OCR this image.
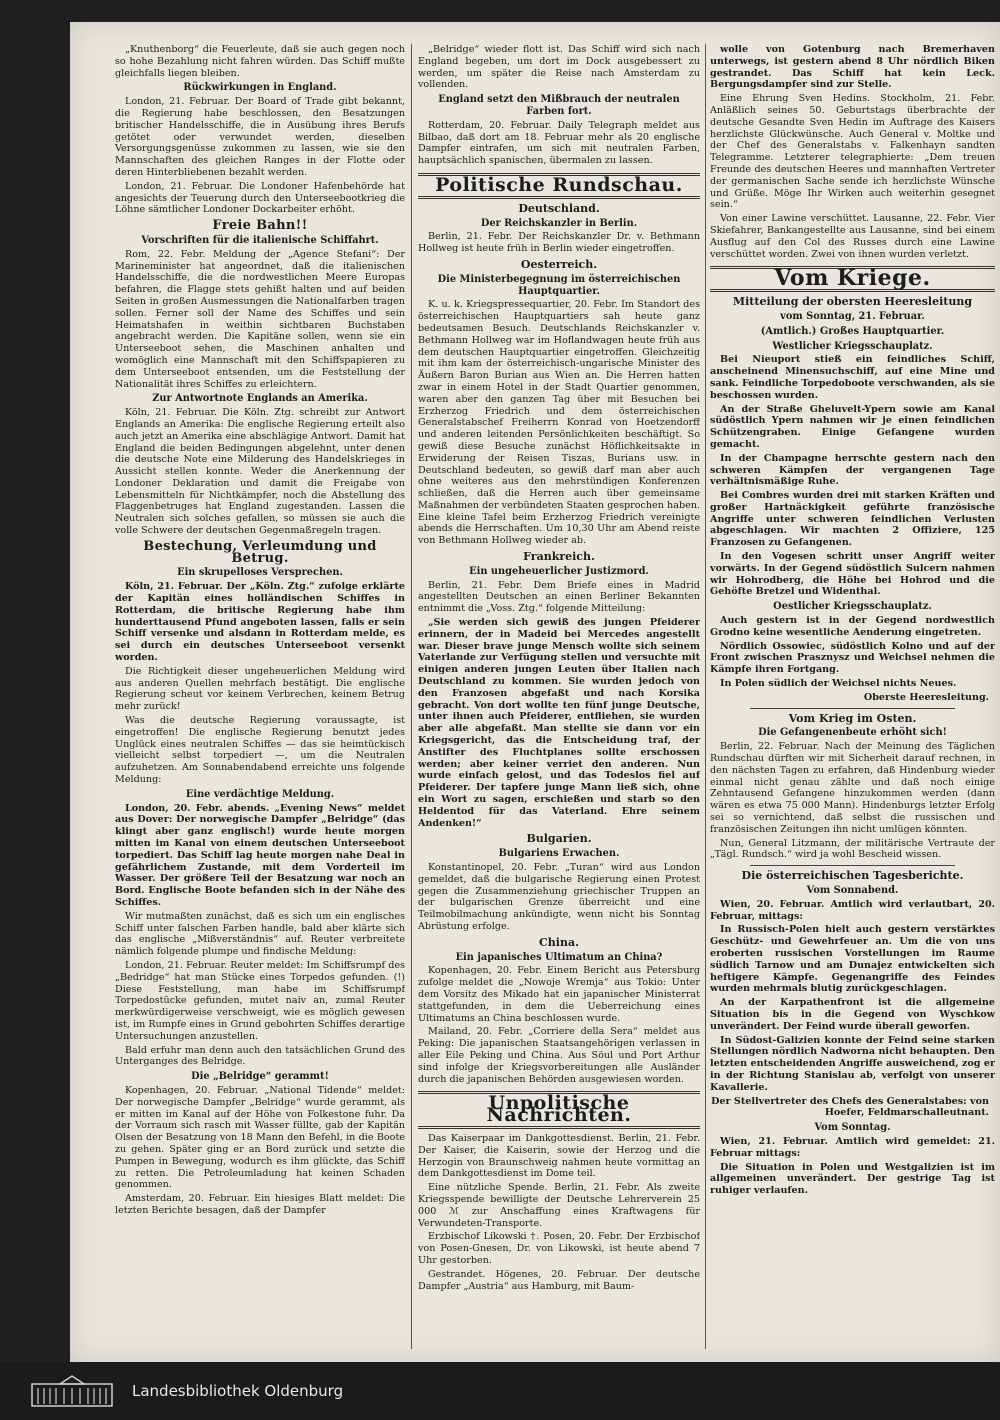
„Knuthenborg“ die Feuerleute, daß sie auch gegen noch so hohe Bezahlung nicht fahren würden. Das Schiff mußte gleichfalls liegen bleiben.

Rückwirkungen in England.

London, 21. Februar. Der Board of Trade gibt bekannt, die Regierung habe beschlossen, den Besatzungen britischer Handelsschiffe, die in Ausübung ihres Berufs getötet oder verwundet werden, dieselben Versorgungsgenüsse zukommen zu lassen, wie sie den Mannschaften des gleichen Ranges in der Flotte oder deren Hinterbliebenen bezahlt werden.

London, 21. Februar. Die Londoner Hafenbehörde hat angesichts der Teuerung durch den Unterseebootkrieg die Löhne sämtlicher Londoner Dockarbeiter erhöht.

Freie Bahn!!
Vorschriften für die italienische Schiffahrt.

Rom, 22. Febr. Meldung der „Agence Stefani“: Der Marineminister hat angeordnet, daß die italienischen Handelsschiffe, die die nordwestlichen Meere Europas befahren, die Flagge stets gehißt halten und auf beiden Seiten in großen Ausmessungen die Nationalfarben tragen sollen. Ferner soll der Name des Schiffes und sein Heimatshafen in weithin sichtbaren Buchstaben angebracht werden. Die Kapitäne sollen, wenn sie ein Unterseeboot sehen, die Maschinen anhalten und womöglich eine Mannschaft mit den Schiffspapieren zu dem Unterseeboot entsenden, um die Feststellung der Nationalität ihres Schiffes zu erleichtern.

Zur Antwortnote Englands an Amerika.

Köln, 21. Februar. Die Köln. Ztg. schreibt zur Antwort Englands an Amerika: Die englische Regierung erteilt also auch jetzt an Amerika eine abschlägige Antwort. Damit hat England die beiden Bedingungen abgelehnt, unter denen die deutsche Note eine Milderung des Handelskrieges in Aussicht stellen konnte. Weder die Anerkennung der Londoner Deklaration und damit die Freigabe von Lebensmitteln für Nichtkämpfer, noch die Abstellung des Flaggenbetruges hat England zugestanden. Lassen die Neutralen sich solches gefallen, so müssen sie auch die volle Schwere der deutschen Gegenmaßregeln tragen.

Bestechung, Verleumdung und Betrug.
Ein skrupelloses Versprechen.

Köln, 21. Februar. Der „Köln. Ztg.“ zufolge erklärte der Kapitän eines holländischen Schiffes in Rotterdam, die britische Regierung habe ihm hunderttausend Pfund angeboten lassen, falls er sein Schiff versenke und alsdann in Rotterdam melde, es sei durch ein deutsches Unterseeboot versenkt worden.

Die Richtigkeit dieser ungeheuerlichen Meldung wird aus anderen Quellen mehrfach bestätigt. Die englische Regierung scheut vor keinem Verbrechen, keinem Betrug mehr zurück!

Was die deutsche Regierung voraussagte, ist eingetroffen! Die englische Regierung benutzt jedes Unglück eines neutralen Schiffes — das sie heimtückisch vielleicht selbst torpediert —, um die Neutralen aufzuhetzen. Am Sonnabendabend erreichte uns folgende Meldung:

Eine verdächtige Meldung.

London, 20. Febr. abends. „Evening News“ meldet aus Dover: Der norwegische Dampfer „Belridge“ (das klingt aber ganz englisch!) wurde heute morgen mitten im Kanal von einem deutschen Unterseeboot torpediert. Das Schiff lag heute morgen nahe Deal in gefährlichem Zustande, mit dem Vorderteil im Wasser. Der größere Teil der Besatzung war noch an Bord. Englische Boote befanden sich in der Nähe des Schiffes.

Wir mutmaßten zunächst, daß es sich um ein englisches Schiff unter falschen Farben handle, bald aber klärte sich das englische „Mißverständnis“ auf. Reuter verbreitete nämlich folgende plumpe und findische Meldung:

London, 21. Februar. Reuter meldet: Im Schiffsrumpf des „Bedridge“ hat man Stücke eines Torpedos gefunden. (!) Diese Feststellung, man habe im Schiffsrumpf Torpedostücke gefunden, mutet naiv an, zumal Reuter merkwürdigerweise verschweigt, wie es möglich gewesen ist, im Rumpfe eines in Grund gebohrten Schiffes derartige Untersuchungen anzustellen.

Bald erfuhr man denn auch den tatsächlichen Grund des Unterganges des Belridge.

Die „Belridge“ gerammt!

Kopenhagen, 20. Februar. „National Tidende“ meldet: Der norwegische Dampfer „Belridge“ wurde gerammt, als er mitten im Kanal auf der Höhe von Folkestone fuhr. Da der Vorraum sich rasch mit Wasser füllte, gab der Kapitän Olsen der Besatzung von 18 Mann den Befehl, in die Boote zu gehen. Später ging er an Bord zurück und setzte die Pumpen in Bewegung, wodurch es ihm glückte, das Schiff zu retten. Die Petroleumladung hat keinen Schaden genommen.

Amsterdam, 20. Februar. Ein hiesiges Blatt meldet: Die letzten Berichte besagen, daß der Dampfer

„Belridge“ wieder flott ist. Das Schiff wird sich nach England begeben, um dort im Dock ausgebessert zu werden, um später die Reise nach Amsterdam zu vollenden.

England setzt den Mißbrauch der neutralen Farben fort.

Rotterdam, 20. Februar. Daily Telegraph meldet aus Bilbao, daß dort am 18. Februar mehr als 20 englische Dampfer eintrafen, um sich mit neutralen Farben, hauptsächlich spanischen, übermalen zu lassen.

Politische Rundschau.
Deutschland.
Der Reichskanzler in Berlin.

Berlin, 21. Febr. Der Reichskanzler Dr. v. Bethmann Hollweg ist heute früh in Berlin wieder eingetroffen.

Oesterreich.
Die Ministerbegegnung im österreichischen Hauptquartier.

K. u. k. Kriegspressequartier, 20. Febr. Im Standort des österreichischen Hauptquartiers sah heute ganz bedeutsamen Besuch. Deutschlands Reichskanzler v. Bethmann Hollweg war im Hoflandwagen heute früh aus dem deutschen Hauptquartier eingetroffen. Gleichzeitig mit ihm kam der österreichisch-ungarische Minister des Äußern Baron Burian aus Wien an. Die Herren hatten zwar in einem Hotel in der Stadt Quartier genommen, waren aber den ganzen Tag über mit Besuchen bei Erzherzog Friedrich und dem österreichischen Generalstabschef Freiherrn Konrad von Hoetzendorff und anderen leitenden Persönlichkeiten beschäftigt. So gewiß diese Besuche zunächst Höflichkeitsakte in Erwiderung der Reisen Tiszas, Burians usw. in Deutschland bedeuten, so gewiß darf man aber auch ohne weiteres aus den mehrstündigen Konferenzen schließen, daß die Herren auch über gemeinsame Maßnahmen der verbündeten Staaten gesprochen haben. Eine kleine Tafel beim Erzherzog Friedrich vereinigte abends die Herrschaften. Um 10,30 Uhr am Abend reiste von Bethmann Hollweg wieder ab.

Frankreich.
Ein ungeheuerlicher Justizmord.

Berlin, 21. Febr. Dem Briefe eines in Madrid angestellten Deutschen an einen Berliner Bekannten entnimmt die „Voss. Ztg.“ folgende Mitteilung:

„Sie werden sich gewiß des jungen Pfeiderer erinnern, der in Madeid bei Mercedes angestellt war. Dieser brave junge Mensch wollte sich seinem Vaterlande zur Verfügung stellen und versuchte mit einigen anderen jungen Leuten über Italien nach Deutschland zu kommen. Sie wurden jedoch von den Franzosen abgefaßt und nach Korsika gebracht. Von dort wollte ten fünf junge Deutsche, unter ihnen auch Pfeiderer, entfliehen, sie wurden aber alle abgefaßt. Man stellte sie dann vor ein Kriegsgericht, das die Entscheidung traf, der Anstifter des Fluchtplanes sollte erschossen werden; aber keiner verriet den anderen. Nun wurde einfach gelost, und das Todeslos fiel auf Pfeiderer. Der tapfere junge Mann ließ sich, ohne ein Wort zu sagen, erschießen und starb so den Heldentod für das Vaterland. Ehre seinem Andenken!“

Bulgarien.
Bulgariens Erwachen.

Konstantinopel, 20. Febr. „Turan“ wird aus London gemeldet, daß die bulgarische Regierung einen Protest gegen die Zusammenziehung griechischer Truppen an der bulgarischen Grenze überreicht und eine Teilmobilmachung ankündigte, wenn nicht bis Sonntag Abrüstung erfolge.

China.
Ein japanisches Ultimatum an China?

Kopenhagen, 20. Febr. Einem Bericht aus Petersburg zufolge meldet die „Nowoje Wremja“ aus Tokio: Unter dem Vorsitz des Mikado hat ein japanischer Ministerrat stattgefunden, in dem die Ueberreichung eines Ultimatums an China beschlossen wurde.

Mailand, 20. Febr. „Corriere della Sera“ meldet aus Peking: Die japanischen Staatsangehörigen verlassen in aller Eile Peking und China. Aus Söul und Port Arthur sind infolge der Kriegsvorbereitungen alle Ausländer durch die japanischen Behörden ausgewiesen worden.

Unpolitische Nachrichten.

Das Kaiserpaar im Dankgottesdienst. Berlin, 21. Febr. Der Kaiser, die Kaiserin, sowie der Herzog und die Herzogin von Braunschweig nahmen heute vormittag an dem Dankgottesdienst im Dome teil.

Eine nützliche Spende. Berlin, 21. Febr. Als zweite Kriegsspende bewilligte der Deutsche Lehrerverein 25 000 ℳ zur Anschaffung eines Kraftwagens für Verwundeten-Transporte.

Erzbischof Likowski †. Posen, 20. Febr. Der Erzbischof von Posen-Gnesen, Dr. von Likowski, ist heute abend 7 Uhr gestorben.

Gestrandet. Högenes, 20. Februar. Der deutsche Dampfer „Austria“ aus Hamburg, mit Baum-

wolle von Gotenburg nach Bremerhaven unterwegs, ist gestern abend 8 Uhr nördlich Biken gestrandet. Das Schiff hat kein Leck. Bergungsdampfer sind zur Stelle.

Eine Ehrung Sven Hedins. Stockholm, 21. Febr. Anläßlich seines 50. Geburtstags überbrachte der deutsche Gesandte Sven Hedin im Auftrage des Kaisers herzlichste Glückwünsche. Auch General v. Moltke und der Chef des Generalstabs v. Falkenhayn sandten Telegramme. Letzterer telegraphierte: „Dem treuen Freunde des deutschen Heeres und mannhaften Vertreter der germanischen Sache sende ich herzlichste Wünsche und Grüße. Möge Ihr Wirken auch weiterhin gesegnet sein.“

Von einer Lawine verschüttet. Lausanne, 22. Febr. Vier Skiefahrer, Bankangestellte aus Lausanne, sind bei einem Ausflug auf den Col des Russes durch eine Lawine verschüttet worden. Zwei von ihnen wurden verletzt.

Vom Kriege.
Mitteilung der obersten Heeresleitung
vom Sonntag, 21. Februar.
(Amtlich.) Großes Hauptquartier.
Westlicher Kriegsschauplatz.

Bei Nieuport stieß ein feindliches Schiff, anscheinend Minensuchschiff, auf eine Mine und sank. Feindliche Torpedoboote verschwanden, als sie beschossen wurden.

An der Straße Gheluvelt-Ypern sowie am Kanal südöstlich Ypern nahmen wir je einen feindlichen Schützengraben. Einige Gefangene wurden gemacht.

In der Champagne herrschte gestern nach den schweren Kämpfen der vergangenen Tage verhältnismäßige Ruhe.

Bei Combres wurden drei mit starken Kräften und großer Hartnäckigkeit geführte französische Angriffe unter schweren feindlichen Verlusten abgeschlagen. Wir machten 2 Offiziere, 125 Franzosen zu Gefangenen.

In den Vogesen schritt unser Angriff weiter vorwärts. In der Gegend südöstlich Sulcern nahmen wir Hohrodberg, die Höhe bei Hohrod und die Gehöfte Bretzel und Widenthal.

Oestlicher Kriegsschauplatz.

Auch gestern ist in der Gegend nordwestlich Grodno keine wesentliche Aenderung eingetreten.

Nördlich Ossowiec, südöstlich Kolno und auf der Front zwischen Prasznysz und Weichsel nehmen die Kämpfe ihren Fortgang.

In Polen südlich der Weichsel nichts Neues.

Oberste Heeresleitung.
Vom Krieg im Osten.
Die Gefangenenbeute erhöht sich!

Berlin, 22. Februar. Nach der Meinung des Täglichen Rundschau dürften wir mit Sicherheit darauf rechnen, in den nächsten Tagen zu erfahren, daß Hindenburg wieder einmal nicht genau zählte und daß noch einige Zehntausend Gefangene hinzukommen werden (dann wären es etwa 75 000 Mann). Hindenburgs letzter Erfolg sei so vernichtend, daß selbst die russischen und französischen Zeitungen ihn nicht umlügen könnten.

Nun, General Litzmann, der militärische Vertraute der „Tägl. Rundsch.“ wird ja wohl Bescheid wissen.

Die österreichischen Tagesberichte.
Vom Sonnabend.

Wien, 20. Februar. Amtlich wird verlautbart, 20. Februar, mittags:

In Russisch-Polen hielt auch gestern verstärktes Geschütz- und Gewehrfeuer an. Um die von uns eroberten russischen Vorstellungen im Raume südlich Tarnow und am Dunajez entwickelten sich heftigere Kämpfe. Gegenangriffe des Feindes wurden mehrmals blutig zurückgeschlagen.

An der Karpathenfront ist die allgemeine Situation bis in die Gegend von Wyschkow unverändert. Der Feind wurde überall geworfen.

In Südost-Galizien konnte der Feind seine starken Stellungen nördlich Nadworna nicht behaupten. Den letzten entscheidenden Angriffe ausweichend, zog er in der Richtung Stanislau ab, verfolgt von unserer Kavallerie.

Der Stellvertreter des Chefs des Generalstabes: von Hoefer, Feldmarschalleutnant.
Vom Sonntag.

Wien, 21. Februar. Amtlich wird gemeldet: 21. Februar mittags:

Die Situation in Polen und Westgalizien ist im allgemeinen unverändert. Der gestrige Tag ist ruhiger verlaufen.

Landesbibliothek Oldenburg
